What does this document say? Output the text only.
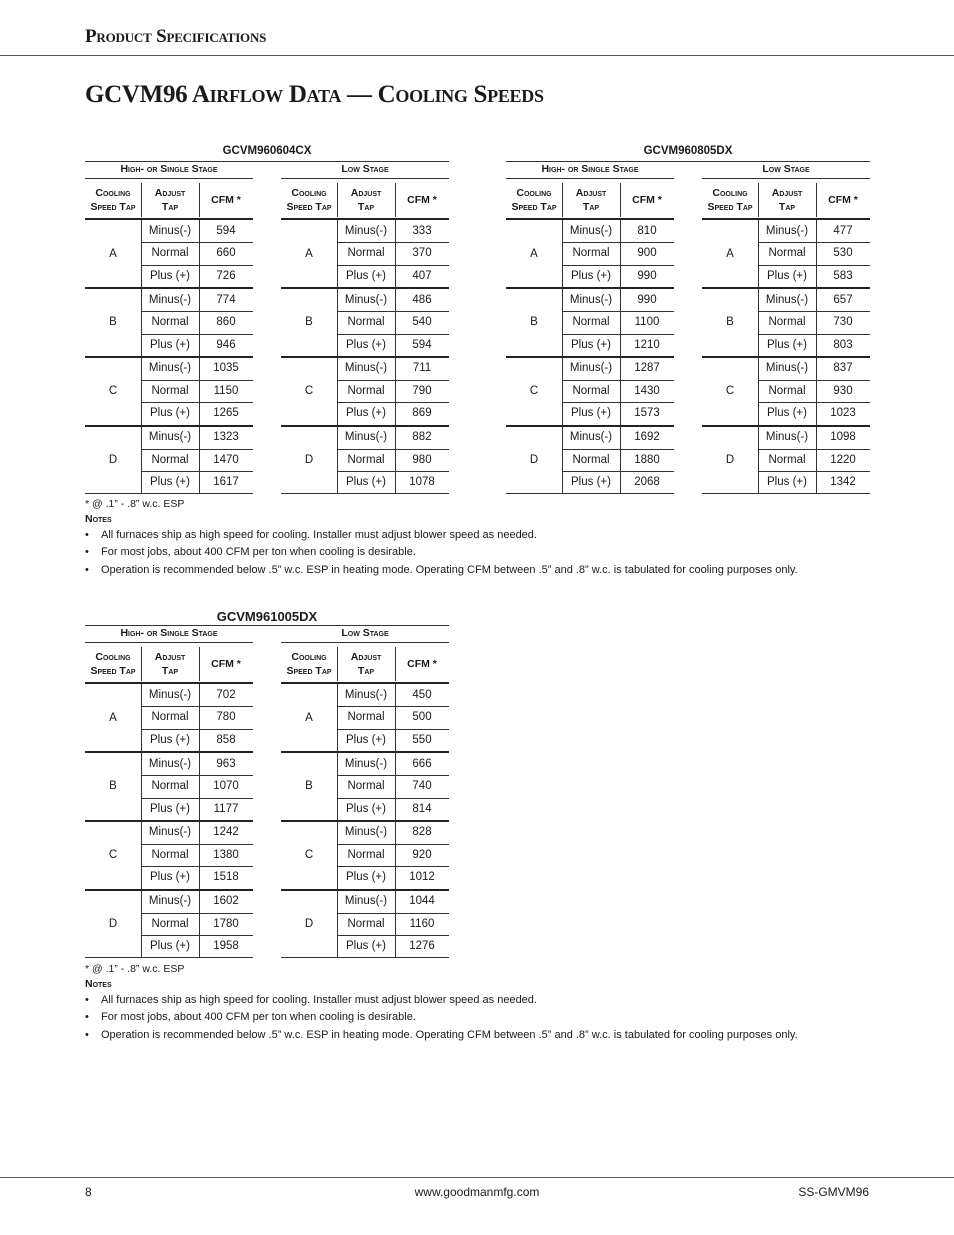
Product Specifications
GCVM96 Airflow Data — Cooling Speeds
GCVM960604CX
High- or Single Stage
Cooling
Speed Tap
Adjust
Tap
CFM *
A
Minus(-)	594
Normal	660
Plus (+)	726
B
Minus(-)	774
Normal	860
Plus (+)	946
C
Minus(-)	1035
Normal	1150
Plus (+)	1265
D
Minus(-)	1323
Normal	1470
Plus (+)	1617
Low Stage
Cooling
Speed Tap
Adjust
Tap
CFM *
A
Minus(-)	333
Normal	370
Plus (+)	407
B
Minus(-)	486
Normal	540
Plus (+)	594
C
Minus(-)	711
Normal	790
Plus (+)	869
D
Minus(-)	882
Normal	980
Plus (+)	1078
GCVM960805DX
High- or Single Stage
Cooling
Speed Tap
Adjust
Tap
CFM *
A
Minus(-)	810
Normal	900
Plus (+)	990
B
Minus(-)	990
Normal	1100
Plus (+)	1210
C
Minus(-)	1287
Normal	1430
Plus (+)	1573
D
Minus(-)	1692
Normal	1880
Plus (+)	2068
Low Stage
Cooling
Speed Tap
Adjust
Tap
CFM *
A
Minus(-)	477
Normal	530
Plus (+)	583
B
Minus(-)	657
Normal	730
Plus (+)	803
C
Minus(-)	837
Normal	930
Plus (+)	1023
D
Minus(-)	1098
Normal	1220
Plus (+)	1342
* @ .1” - .8” w.c. ESP
Notes
• All furnaces ship as high speed for cooling. Installer must adjust blower speed as needed.
• For most jobs, about 400 CFM per ton when cooling is desirable.
• Operation is recommended below .5” w.c. ESP in heating mode. Operating CFM between .5” and .8” w.c. is tabulated for cooling purposes only.
GCVM961005DX
High- or Single Stage
Cooling
Speed Tap
Adjust
Tap
CFM *
A
Minus(-)	702
Normal	780
Plus (+)	858
B
Minus(-)	963
Normal	1070
Plus (+)	1177
C
Minus(-)	1242
Normal	1380
Plus (+)	1518
D
Minus(-)	1602
Normal	1780
Plus (+)	1958
Low Stage
Cooling
Speed Tap
Adjust
Tap
CFM *
A
Minus(-)	450
Normal	500
Plus (+)	550
B
Minus(-)	666
Normal	740
Plus (+)	814
C
Minus(-)	828
Normal	920
Plus (+)	1012
D
Minus(-)	1044
Normal	1160
Plus (+)	1276
* @ .1” - .8” w.c. ESP
Notes
• All furnaces ship as high speed for cooling. Installer must adjust blower speed as needed.
• For most jobs, about 400 CFM per ton when cooling is desirable.
• Operation is recommended below .5” w.c. ESP in heating mode. Operating CFM between .5” and .8” w.c. is tabulated for cooling purposes only.
8	www.goodmanmfg.com	SS-GMVM96
